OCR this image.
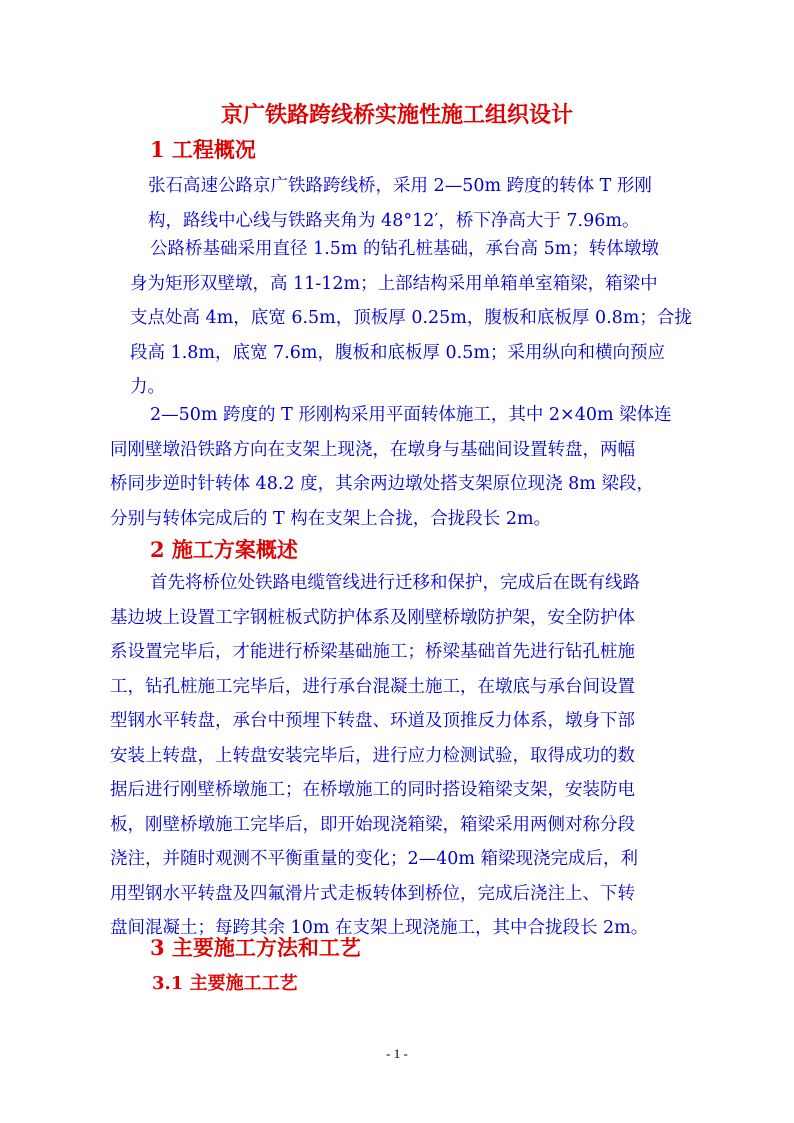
京广铁路跨线桥实施性施工组织设计
1 工程概况
张石高速公路京广铁路跨线桥，采用 2—50m 跨度的转体 T 形刚
构，路线中心线与铁路夹角为 48°12′，桥下净高大于 7.96m。
公路桥基础采用直径 1.5m 的钻孔桩基础，承台高 5m；转体墩墩
身为矩形双壁墩，高 11-12m；上部结构采用单箱单室箱梁，箱梁中
支点处高 4m，底宽 6.5m，顶板厚 0.25m，腹板和底板厚 0.8m；合拢
段高 1.8m，底宽 7.6m，腹板和底板厚 0.5m；采用纵向和横向预应
力。
2—50m 跨度的 T 形刚构采用平面转体施工，其中 2×40m 梁体连
同刚壁墩沿铁路方向在支架上现浇，在墩身与基础间设置转盘，两幅
桥同步逆时针转体 48.2 度，其余两边墩处搭支架原位现浇 8m 梁段，
分别与转体完成后的 T 构在支架上合拢，合拢段长 2m。
2 施工方案概述
首先将桥位处铁路电缆管线进行迁移和保护，完成后在既有线路
基边坡上设置工字钢桩板式防护体系及刚壁桥墩防护架，安全防护体
系设置完毕后，才能进行桥梁基础施工；桥梁基础首先进行钻孔桩施
工，钻孔桩施工完毕后，进行承台混凝土施工，在墩底与承台间设置
型钢水平转盘，承台中预埋下转盘、环道及顶推反力体系，墩身下部
安装上转盘，上转盘安装完毕后，进行应力检测试验，取得成功的数
据后进行刚壁桥墩施工；在桥墩施工的同时搭设箱梁支架，安装防电
板，刚壁桥墩施工完毕后，即开始现浇箱梁，箱梁采用两侧对称分段
浇注，并随时观测不平衡重量的变化；2—40m 箱梁现浇完成后，利
用型钢水平转盘及四氟滑片式走板转体到桥位，完成后浇注上、下转
盘间混凝土；每跨其余 10m 在支架上现浇施工，其中合拢段长 2m。
3 主要施工方法和工艺
3.1 主要施工工艺

- 1 -
